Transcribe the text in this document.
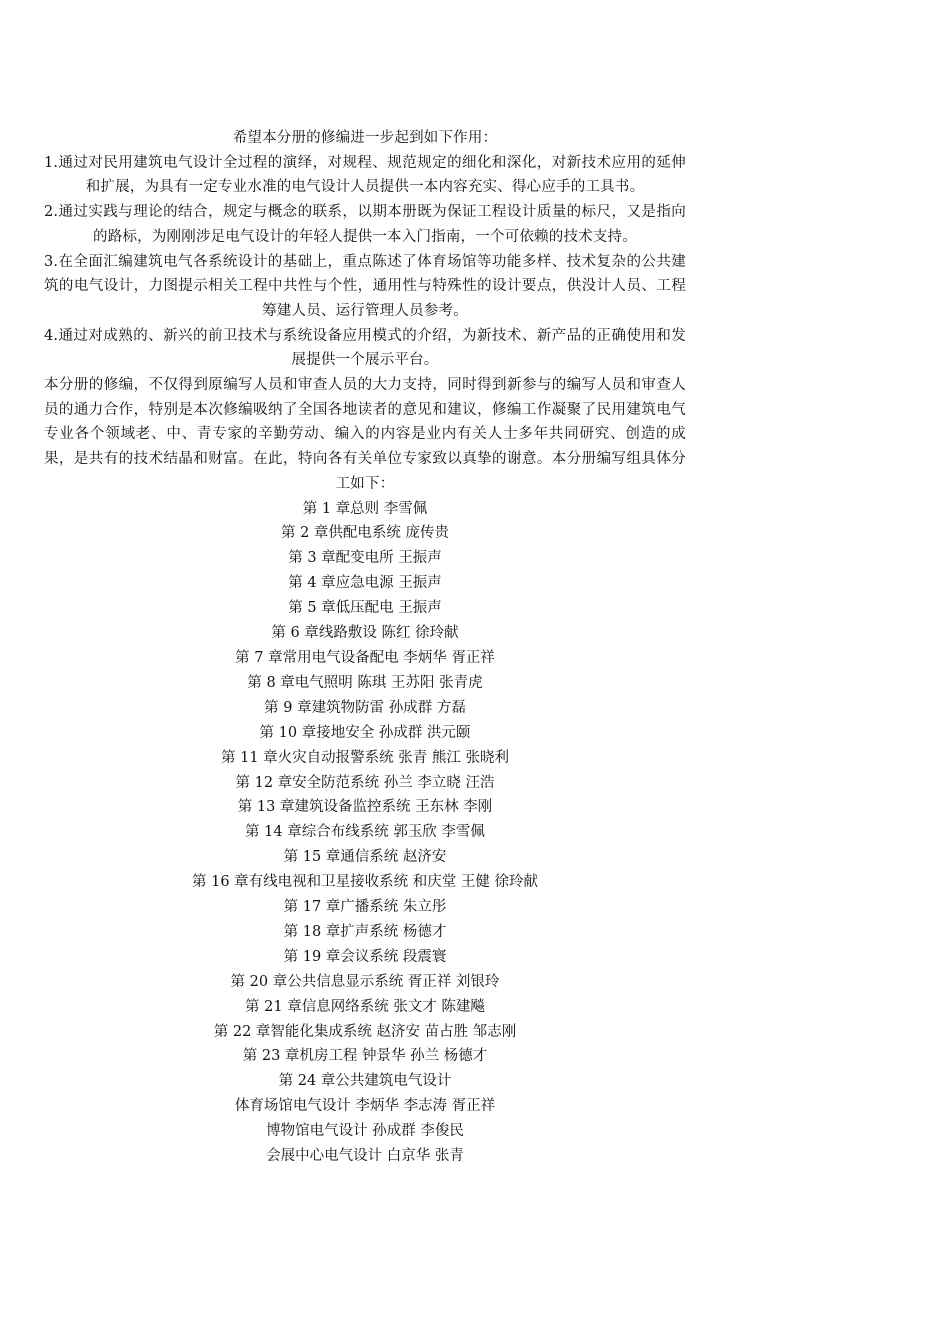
希望本分册的修编进一步起到如下作用：

1.通过对民用建筑电气设计全过程的演绎，对规程、规范规定的细化和深化，对新技术应用的延伸和扩展，为具有一定专业水准的电气设计人员提供一本内容充实、得心应手的工具书。

2.通过实践与理论的结合，规定与概念的联系，以期本册既为保证工程设计质量的标尺，又是指向的路标，为刚刚涉足电气设计的年轻人提供一本入门指南，一个可依赖的技术支持。

3.在全面汇编建筑电气各系统设计的基础上，重点陈述了体育场馆等功能多样、技术复杂的公共建筑的电气设计，力图提示相关工程中共性与个性，通用性与特殊性的设计要点，供没计人员、工程筹建人员、运行管理人员参考。

4.通过对成熟的、新兴的前卫技术与系统设备应用模式的介绍，为新技术、新产品的正确使用和发展提供一个展示平台。

本分册的修编，不仅得到原编写人员和审查人员的大力支持，同时得到新参与的编写人员和审查人员的通力合作，特别是本次修编吸纳了全国各地读者的意见和建议，修编工作凝聚了民用建筑电气专业各个领域老、中、青专家的辛勤劳动、编入的内容是业内有关人士多年共同研究、创造的成果，是共有的技术结晶和财富。在此，特向各有关单位专家致以真挚的谢意。本分册编写组具体分工如下：

第 1 章总则 李雪佩
第 2 章供配电系统 庞传贵
第 3 章配变电所 王振声
第 4 章应急电源 王振声
第 5 章低压配电 王振声
第 6 章线路敷设 陈红 徐玲献
第 7 章常用电气设备配电 李炳华 胥正祥
第 8 章电气照明 陈琪 王苏阳 张青虎
第 9 章建筑物防雷 孙成群 方磊
第 10 章接地安全 孙成群 洪元颐
第 11 章火灾自动报警系统 张青 熊江 张晓利
第 12 章安全防范系统 孙兰 李立晓 汪浩
第 13 章建筑设备监控系统 王东林 李刚
第 14 章综合布线系统 郭玉欣 李雪佩
第 15 章通信系统 赵济安
第 16 章有线电视和卫星接收系统 和庆堂 王健 徐玲献
第 17 章广播系统 朱立彤
第 18 章扩声系统 杨德才
第 19 章会议系统 段震寰
第 20 章公共信息显示系统 胥正祥 刘银玲
第 21 章信息网络系统 张文才 陈建飚
第 22 章智能化集成系统 赵济安 苗占胜 邹志刚
第 23 章机房工程 钟景华 孙兰 杨德才
第 24 章公共建筑电气设计
体育场馆电气设计 李炳华 李志涛 胥正祥
博物馆电气设计 孙成群 李俊民
会展中心电气设计 白京华 张青
